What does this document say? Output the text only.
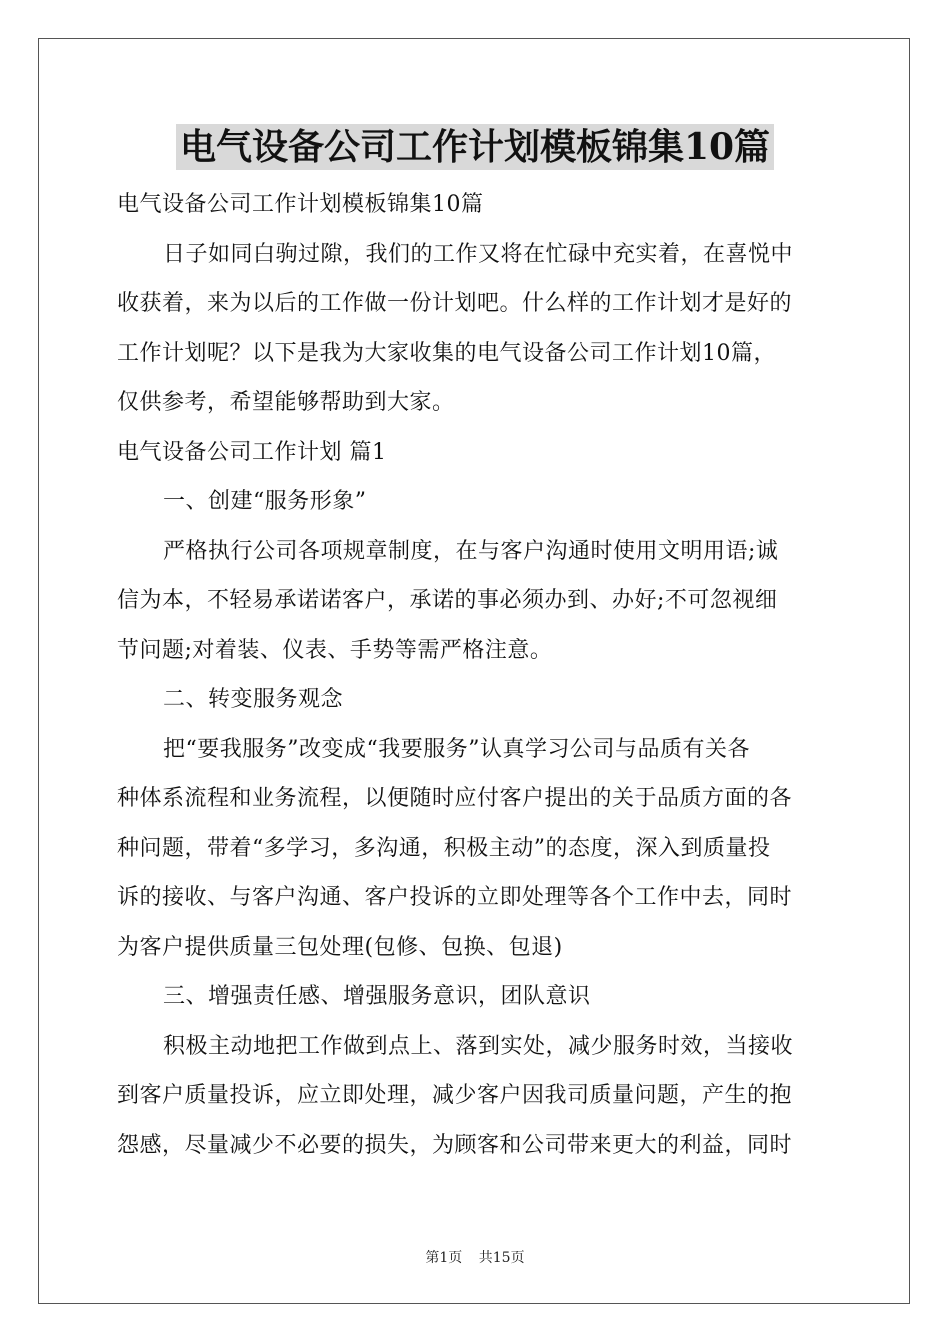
电气设备公司工作计划模板锦集10篇
电气设备公司工作计划模板锦集10篇
日子如同白驹过隙，我们的工作又将在忙碌中充实着，在喜悦中
收获着，来为以后的工作做一份计划吧。什么样的工作计划才是好的
工作计划呢？以下是我为大家收集的电气设备公司工作计划10篇，
仅供参考，希望能够帮助到大家。
电气设备公司工作计划 篇1
一、创建“服务形象”
严格执行公司各项规章制度，在与客户沟通时使用文明用语;诚
信为本，不轻易承诺诺客户，承诺的事必须办到、办好;不可忽视细
节问题;对着装、仪表、手势等需严格注意。
二、转变服务观念
把“要我服务”改变成“我要服务”认真学习公司与品质有关各
种体系流程和业务流程，以便随时应付客户提出的关于品质方面的各
种问题，带着“多学习，多沟通，积极主动”的态度，深入到质量投
诉的接收、与客户沟通、客户投诉的立即处理等各个工作中去，同时
为客户提供质量三包处理(包修、包换、包退)
三、增强责任感、增强服务意识，团队意识
积极主动地把工作做到点上、落到实处，减少服务时效，当接收
到客户质量投诉，应立即处理，减少客户因我司质量问题，产生的抱
怨感，尽量减少不必要的损失，为顾客和公司带来更大的利益，同时
第1页 共15页
